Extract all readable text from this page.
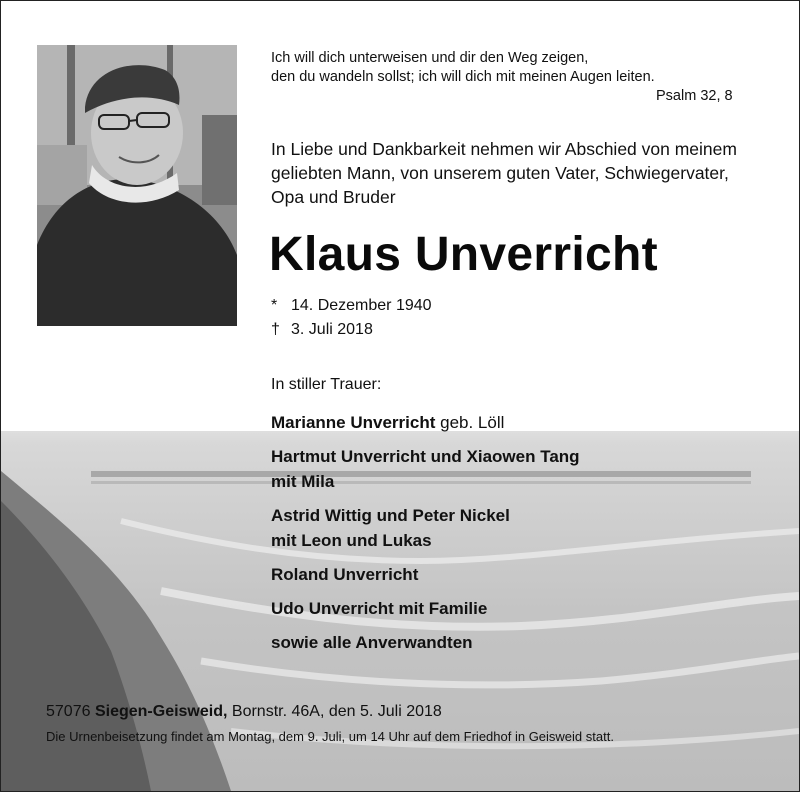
Ich will dich unterweisen und dir den Weg zeigen,
den du wandeln sollst; ich will dich mit meinen Augen leiten.
Psalm 32, 8
In Liebe und Dankbarkeit nehmen wir Abschied von meinem
geliebten Mann, von unserem guten Vater, Schwiegervater,
Opa und Bruder
Klaus Unverricht
* 14. Dezember 1940
† 3. Juli 2018
In stiller Trauer:
Marianne Unverricht geb. Löll
Hartmut Unverricht und Xiaowen Tang
mit Mila
Astrid Wittig und Peter Nickel
mit Leon und Lukas
Roland Unverricht
Udo Unverricht mit Familie
sowie alle Anverwandten
57076 Siegen-Geisweid, Bornstr. 46A, den 5. Juli 2018
Die Urnenbeisetzung findet am Montag, dem 9. Juli, um 14 Uhr auf dem Friedhof in Geisweid statt.
